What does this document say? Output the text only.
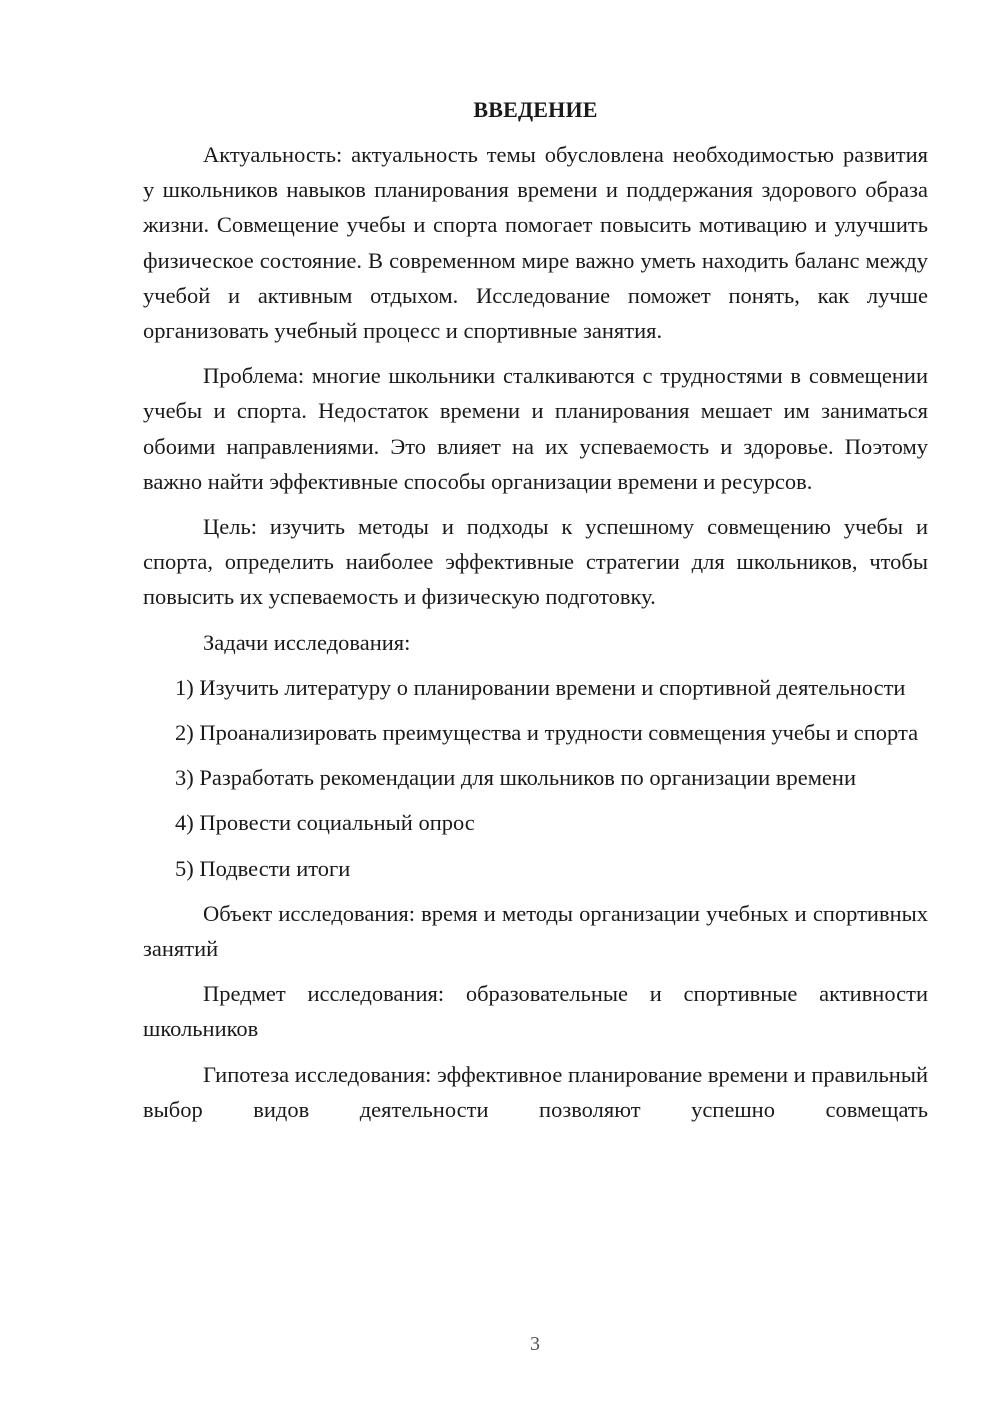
ВВЕДЕНИЕ

Актуальность: актуальность темы обусловлена необходимостью развития у школьников навыков планирования времени и поддержания здорового образа жизни. Совмещение учебы и спорта помогает повысить мотивацию и улучшить физическое состояние. В современном мире важно уметь находить баланс между учебой и активным отдыхом. Исследование поможет понять, как лучше организовать учебный процесс и спортивные занятия.

Проблема: многие школьники сталкиваются с трудностями в совмещении учебы и спорта. Недостаток времени и планирования мешает им заниматься обоими направлениями. Это влияет на их успеваемость и здоровье. Поэтому важно найти эффективные способы организации времени и ресурсов.

Цель: изучить методы и подходы к успешному совмещению учебы и спорта, определить наиболее эффективные стратегии для школьников, чтобы повысить их успеваемость и физическую подготовку.

Задачи исследования:

1) Изучить литературу о планировании времени и спортивной деятельности

2) Проанализировать преимущества и трудности совмещения учебы и спорта

3) Разработать рекомендации для школьников по организации времени

4) Провести социальный опрос

5) Подвести итоги

Объект исследования: время и методы организации учебных и спортивных занятий

Предмет исследования: образовательные и спортивные активности школьников

Гипотеза исследования: эффективное планирование времени и правильный выбор видов деятельности позволяют успешно совмещать

3
